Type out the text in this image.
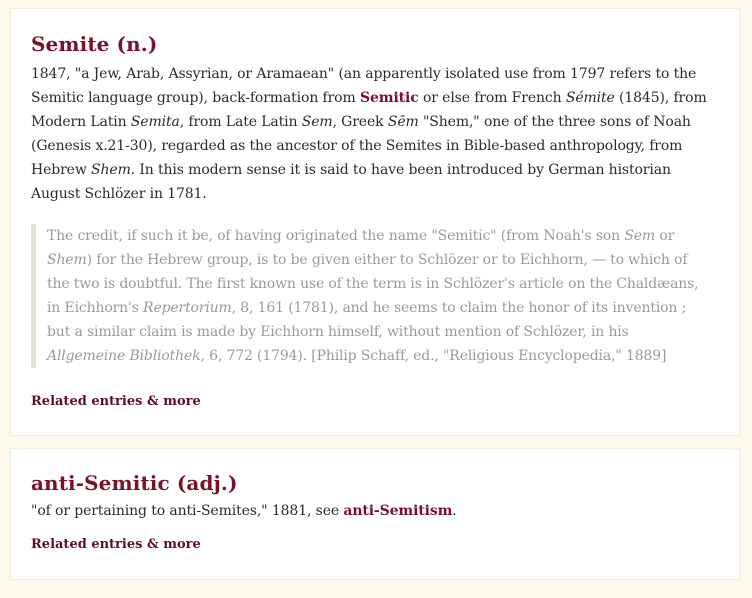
Semite (n.)

1847, "a Jew, Arab, Assyrian, or Aramaean" (an apparently isolated use from 1797 refers to the Semitic language group), back-formation from Semitic or else from French Sémite (1845), from Modern Latin Semita, from Late Latin Sem, Greek Sēm "Shem," one of the three sons of Noah (Genesis x.21-30), regarded as the ancestor of the Semites in Bible-based anthropology, from Hebrew Shem. In this modern sense it is said to have been introduced by German historian August Schlözer in 1781.

The credit, if such it be, of having originated the name "Semitic" (from Noah's son Sem or Shem) for the Hebrew group, is to be given either to Schlözer or to Eichhorn, — to which of the two is doubtful. The first known use of the term is in Schlözer's article on the Chaldæans, in Eichhorn's Repertorium, 8, 161 (1781), and he seems to claim the honor of its invention ; but a similar claim is made by Eichhorn himself, without mention of Schlözer, in his Allgemeine Bibliothek, 6, 772 (1794). [Philip Schaff, ed., "Religious Encyclopedia," 1889]
Related entries & more
anti-Semitic (adj.)

"of or pertaining to anti-Semites," 1881, see anti-Semitism.

Related entries & more
